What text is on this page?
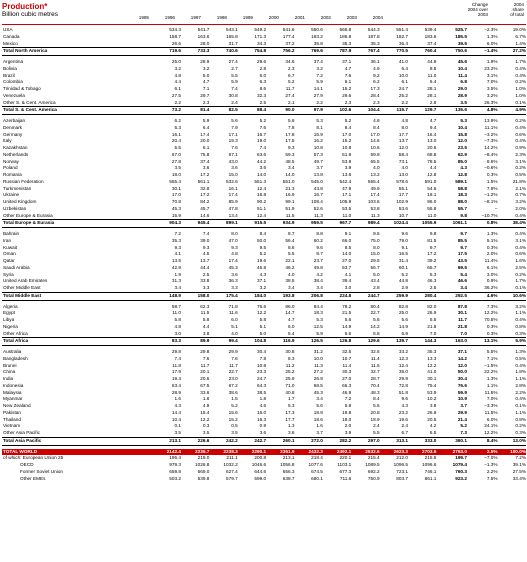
Production*
Billion cubic metres	1995	1996	1997	1998	1999	2000	2001	2002	2003	2004
Change
2004 over
2003
2004
share
of total
USA	534.3	541.7	543.1	549.2	541.6	550.6	565.8	544.3	551.4	539.4	525.7	–2.3%	19.0%
Canada	158.7	163.6	165.8	171.3	177.4	183.2	186.8	187.8	182.7	183.6	185.5	1.3%	6.7%
Mexico	26.6	28.0	31.7	34.3	37.2	35.8	35.3	35.3	36.4	37.4	39.5	6.0%	1.4%
Total North America	719.6	733.3	740.6	754.8	756.2	769.6	787.9	767.4	770.5	760.4	750.6	–1.4%	27.2%

Argentina	25.0	28.9	27.4	29.6	34.6	37.4	37.1	36.1	41.0	44.9	45.6	1.9%	1.7%
Bolivia	3.2	3.2	2.7	2.8	2.3	3.2	4.7	4.9	6.4	8.5	10.4	23.2%	0.4%
Brazil	4.8	5.0	5.5	6.0	6.7	7.2	7.6	9.2	10.0	11.0	11.4	3.1%	0.4%
Colombia	4.4	4.7	5.9	6.3	5.2	5.9	6.1	6.2	6.1	6.4	6.8	7.0%	0.2%
Trinidad & Tobago	6.1	7.1	7.4	8.6	11.7	14.1	15.2	17.3	24.7	28.1	29.0	3.5%	1.0%
Venezuela	27.5	29.7	30.8	32.3	27.4	27.9	29.6	28.4	25.2	28.1	28.9	3.2%	1.0%
Other S. & Cent. America	2.2	2.3	2.4	2.5	2.1	2.2	2.3	2.3	2.2	2.8	3.5	26.3%	0.1%
Total S. & Cent. America	73.2	81.4	82.5	88.4	90.0	97.9	102.6	104.4	115.7	129.7	135.6	4.8%	4.9%

Azerbaijan	6.2	5.9	5.6	5.2	5.6	5.3	5.2	4.8	4.8	4.7	5.3	13.9%	0.2%
Denmark	5.3	6.4	7.9	7.6	7.8	8.1	8.4	8.4	8.0	9.4	10.4	11.1%	0.4%
Germany	16.1	17.4	17.1	16.7	17.8	16.9	17.0	17.0	17.7	16.4	15.8	–3.2%	0.6%
Italy	20.4	20.0	19.3	19.0	17.5	16.2	15.2	14.6	13.7	13.0	12.0	–7.3%	0.4%
Kazakhstan	5.5	6.1	7.6	7.4	9.3	10.8	10.8	10.6	12.0	20.6	23.5	14.2%	0.9%
Netherlands	67.0	75.8	67.1	63.6	59.3	57.3	61.9	59.9	58.4	68.8	62.9	–8.4%	2.3%
Norway	27.8	37.4	43.0	44.2	48.5	49.7	53.9	65.5	73.1	78.5	85.0	8.6%	3.1%
Poland	3.5	3.6	3.6	3.6	3.4	3.7	3.9	4.0	4.0	4.4	4.3	–0.6%	0.2%
Romania	18.0	17.2	15.0	14.0	14.0	13.8	13.6	13.2	13.0	12.8	12.8	0.3%	0.5%
Russian Federation	555.4	561.1	532.6	551.3	551.0	545.0	542.4	555.4	578.6	591.0	589.1	1.5%	21.8%
Turkmenistan	30.1	32.8	16.1	12.4	21.3	43.8	47.9	49.9	55.1	54.6	58.8	7.9%	2.1%
Ukraine	17.0	17.2	17.4	16.8	16.9	16.7	17.1	17.4	17.7	18.1	18.3	–1.2%	0.7%
United Kingdom	70.8	84.2	85.9	90.2	99.1	108.4	105.9	103.6	102.9	96.0	88.0	–8.1%	3.2%
Uzbekistan	45.3	45.7	47.8	51.1	51.9	52.6	53.5	53.8	53.6	55.8	55.7	–	2.0%
Other Europe & Eurasia	15.9	14.6	13.4	12.4	11.5	11.3	11.0	11.3	10.7	11.0	9.8	–10.7%	0.4%
Total Europe & Eurasia	904.3	945.4	899.1	915.5	934.9	959.5	967.7	989.4	1024.4	1055.9	1061.1	0.8%	38.4%

Bahrain	7.2	7.4	8.0	8.4	8.7	8.8	9.1	9.5	9.6	9.8	9.7	1.3%	0.4%
Iran	35.3	39.0	47.0	50.0	56.4	60.2	66.0	75.0	79.0	81.5	85.5	5.1%	3.1%
Kuwait	9.3	9.3	9.3	9.5	8.6	9.6	8.5	8.0	9.1	9.7	9.7	0.3%	0.4%
Oman	4.1	4.5	4.8	5.2	5.5	8.7	14.0	15.0	16.5	17.2	17.5	2.0%	0.6%
Qatar	13.5	13.7	17.4	19.6	22.1	23.7	27.0	29.5	31.4	39.2	43.5	11.4%	1.6%
Saudi Arabia	42.9	44.4	45.3	46.8	46.2	49.8	53.7	56.7	60.1	65.7	69.5	6.1%	2.5%
Syria	1.9	2.5	3.6	4.3	4.0	4.2	4.1	5.0	5.2	5.3	5.4	3.0%	0.2%
United Arab Emirates	31.3	33.8	36.3	37.1	38.5	38.4	39.4	43.4	44.8	46.3	46.6	0.9%	1.7%
Other Middle East	3.4	3.3	3.3	3.2	3.4	3.4	3.0	2.8	2.9	2.5	3.4	36.2%	0.1%
Total Middle East	148.9	158.0	175.4	184.0	193.8	206.8	224.8	244.7	259.9	280.4	292.5	4.6%	10.6%

Algeria	58.7	62.3	71.8	76.6	86.0	84.4	78.2	80.4	82.8	82.0	87.8	7.3%	3.2%
Egypt	11.0	11.5	11.6	12.2	14.7	18.3	21.5	22.7	25.0	26.9	30.1	12.2%	1.1%
Libya	5.8	5.8	6.0	5.8	4.7	5.3	5.6	5.6	5.6	5.5	11.7	70.5%	0.4%
Nigeria	4.8	4.4	5.1	5.1	6.0	12.5	14.9	14.2	14.9	21.8	21.8	0.3%	0.8%
Other Africa	3.0	3.8	4.0	5.0	5.4	5.9	6.6	6.8	6.9	7.0	7.0	0.3%	0.3%
Total Africa	83.3	89.9	99.4	104.8	116.9	126.5	126.8	129.6	139.7	144.3	163.0	13.1%	5.9%

Australia	29.8	29.8	29.9	30.4	30.8	31.2	32.5	32.6	33.2	35.3	37.1	5.5%	1.3%
Bangladesh	7.4	7.6	7.6	7.8	8.3	10.0	10.7	11.4	12.3	13.3	14.2	7.1%	0.5%
Brunei	11.8	11.7	11.7	10.8	11.2	11.3	11.4	11.5	12.4	12.2	12.0	–1.5%	0.4%
China	17.9	20.1	22.7	23.3	25.2	27.2	30.3	32.7	35.0	41.0	50.0	22.2%	1.8%
India	19.4	20.5	23.0	24.7	25.9	26.9	27.0	28.7	29.9	30.1	30.4	1.3%	1.1%
Indonesia	63.4	67.5	67.2	64.3	71.0	68.5	66.3	70.4	72.8	75.4	76.6	1.1%	2.8%
Malaysia	28.9	33.6	38.6	38.5	40.8	45.3	46.9	48.3	51.8	53.9	59.9	11.6%	2.2%
Myanmar	1.6	1.6	1.5	1.8	1.7	3.4	7.2	8.4	9.6	10.2	10.9	7.0%	0.4%
New Zealand	4.3	4.9	5.2	4.6	5.3	5.6	5.9	5.6	4.3	3.8	3.7	–3.3%	0.1%
Pakistan	14.4	15.4	15.6	16.0	17.3	18.9	19.8	20.8	23.2	26.9	29.9	11.5%	1.1%
Thailand	10.4	12.2	15.2	16.3	17.7	18.6	18.0	18.9	19.6	20.5	21.4	6.0%	0.8%
Vietnam	0.1	0.3	0.5	0.9	1.3	1.6	2.0	2.4	2.4	4.2	5.2	24.1%	0.2%
Other Asia Pacific	3.5	3.5	3.5	3.6	3.6	3.7	3.9	5.5	6.7	6.5	7.3	12.2%	0.3%
Total Asia Pacific	213.1	226.6	242.2	242.7	260.1	272.0	282.2	297.0	313.1	333.0	360.1	8.4%	13.0%

TOTAL WORLD	2142.4	2235.7	2238.3	2290.1	2351.9	2432.3	2492.1	2532.6	2623.3	2703.6	2763.0	2.5%	100.0%
of which: European Union 25	195.4	219.0	211.1	200.8	213.1	218.4	220.1	215.4	212.0	215.5	199.7	–7.0%	7.2%
OECD	979.3	1026.8	1032.2	1046.6	1056.8	1077.6	1103.1	1089.5	1096.5	1096.6	1079.4	–1.3%	39.1%
Former Soviet Union	659.8	669.0	627.4	644.6	656.3	674.5	677.3	692.2	723.1	746.1	760.3	2.2%	27.5%
Other EMEs	503.2	539.8	579.7	599.0	638.7	680.1	711.6	750.9	803.7	861.1	923.2	7.5%	33.4%
